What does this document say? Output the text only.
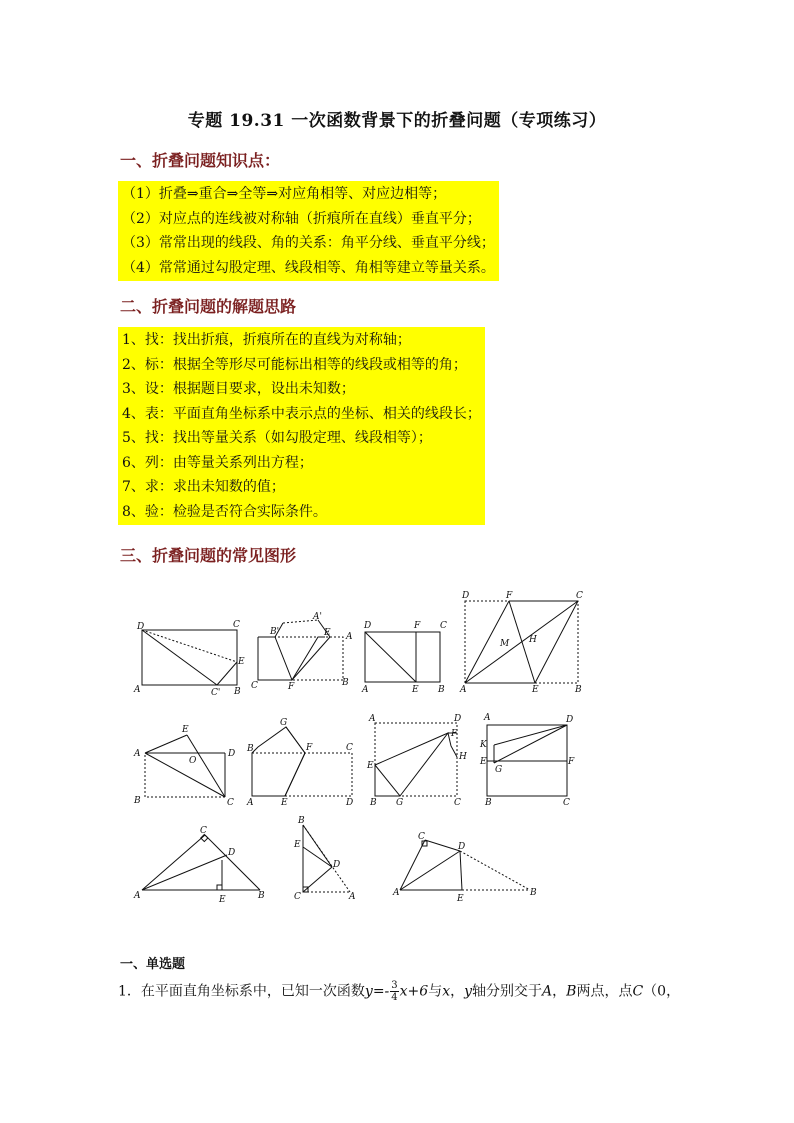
专题 19.31 一次函数背景下的折叠问题（专项练习）
一、折叠问题知识点：
（1）折叠⇒重合⇒全等⇒对应角相等、对应边相等；
（2）对应点的连线被对称轴（折痕所在直线）垂直平分；
（3）常常出现的线段、角的关系：角平分线、垂直平分线；
（4）常常通过勾股定理、线段相等、角相等建立等量关系。
二、折叠问题的解题思路
1、找：找出折痕，折痕所在的直线为对称轴；
2、标：根据全等形尽可能标出相等的线段或相等的角；
3、设：根据题目要求，设出未知数；
4、表：平面直角坐标系中表示点的坐标、相关的线段长；
5、找：找出等量关系（如勾股定理、线段相等）；
6、列：由等量关系列出方程；
7、求：求出未知数的值；
8、验：检验是否符合实际条件。
三、折叠问题的常见图形
D	C
E
A	C' B
B'
A'
E A
C	F	B
D	F C
A	E B
D	F	C
M H
A	E	B
E
A	D
O
B	C
G
F	C
D
A	E
B
A	D
F
H
E
B G	C
A	D
K
E
G
F
B	C
C
D
A	E	B
B
E
D
C	A
C
D
A
E
B
一、单选题
1．在平面直角坐标系中，已知一次函数$y=- \frac{3}{4} x+6$与x，y轴分别交于A，B两点，点C（0，
